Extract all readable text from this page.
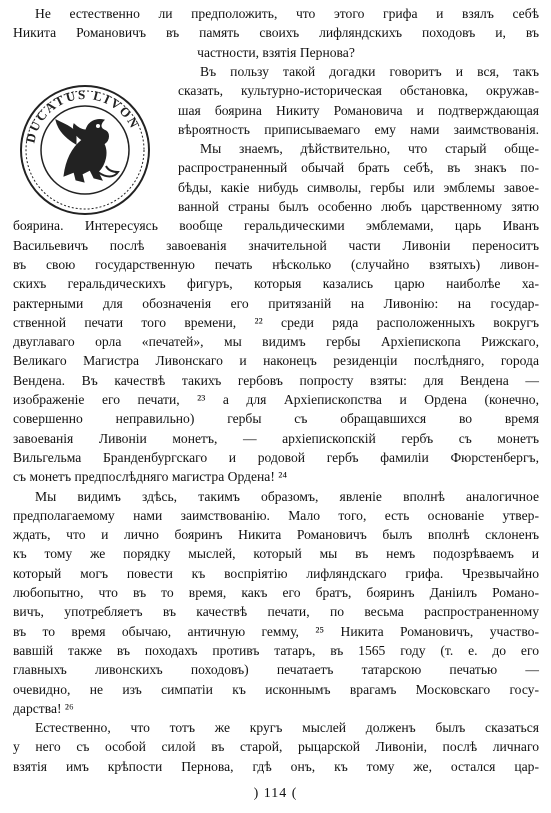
DUCATUS LIVON
Не естественно ли предположить, что этого грифа и взялъ себѣ
Никита Романовичъ въ память своихъ лифляндскихъ походовъ и, въ
частности, взятія Пернова?
Въ пользу такой догадки говоритъ и вся, такъ
сказать, культурно-историческая обстановка, окружав-
шая боярина Никиту Романовича и подтверждающая
вѣроятность приписываемаго ему нами заимствованія.
Мы знаемъ, дѣйствительно, что старый обще-
распространенный обычай брать себѣ, въ знакъ по-
бѣды, какіе нибудь символы, гербы или эмблемы завое-
ванной страны былъ особенно любъ царственному зятю
боярина. Интересуясь вообще геральдическими эмблемами, царь Иванъ
Васильевичъ послѣ завоеванія значительной части Ливоніи переноситъ
въ свою государственную печать нѣсколько (случайно взятыхъ) ливон-
скихъ геральдическихъ фигуръ, которыя казались царю наиболѣе ха-
рактерными для обозначенія его притязаній на Ливонію: на государ-
ственной печати того времени, ²² среди ряда расположенныхъ вокругъ
двуглаваго орла «печатей», мы видимъ гербы Архіепископа Рижскаго,
Великаго Магистра Ливонскаго и наконецъ резиденціи послѣдняго, города
Вендена. Въ качествѣ такихъ гербовъ попросту взяты: для Вендена —
изображеніе его печати, ²³ а для Архіепископства и Ордена (конечно,
совершенно неправильно) гербы съ обращавшихся во время
завоеванія Ливоніи монетъ, — архіепископскій гербъ съ монетъ
Вильгельма Бранденбургскаго и родовой гербъ фамиліи Фюрстенбергъ,
съ монетъ предпослѣдняго магистра Ордена! ²⁴
Мы видимъ здѣсь, такимъ образомъ, явленіе вполнѣ аналогичное
предполагаемому нами заимствованію. Мало того, есть основаніе утвер-
ждать, что и лично бояринъ Никита Романовичъ былъ вполнѣ склоненъ
къ тому же порядку мыслей, который мы въ немъ подозрѣваемъ и
который могъ повести къ воспріятію лифляндскаго грифа. Чрезвычайно
любопытно, что въ то время, какъ его братъ, бояринъ Даніилъ Романо-
вичъ, употребляетъ въ качествѣ печати, по весьма распространенному
въ то время обычаю, античную гемму, ²⁵ Никита Романовичъ, участво-
вавшій также въ походахъ противъ татаръ, въ 1565 году (т. е. до его
главныхъ ливонскихъ походовъ) печатаетъ татарскою печатью —
очевидно, не изъ симпатіи къ исконнымъ врагамъ Московскаго госу-
дарства! ²⁶
Естественно, что тотъ же кругъ мыслей долженъ былъ сказаться
у него съ особой силой въ старой, рыцарской Ливоніи, послѣ личнаго
взятія имъ крѣпости Пернова, гдѣ онъ, къ тому же, остался цар-
) 114 (
